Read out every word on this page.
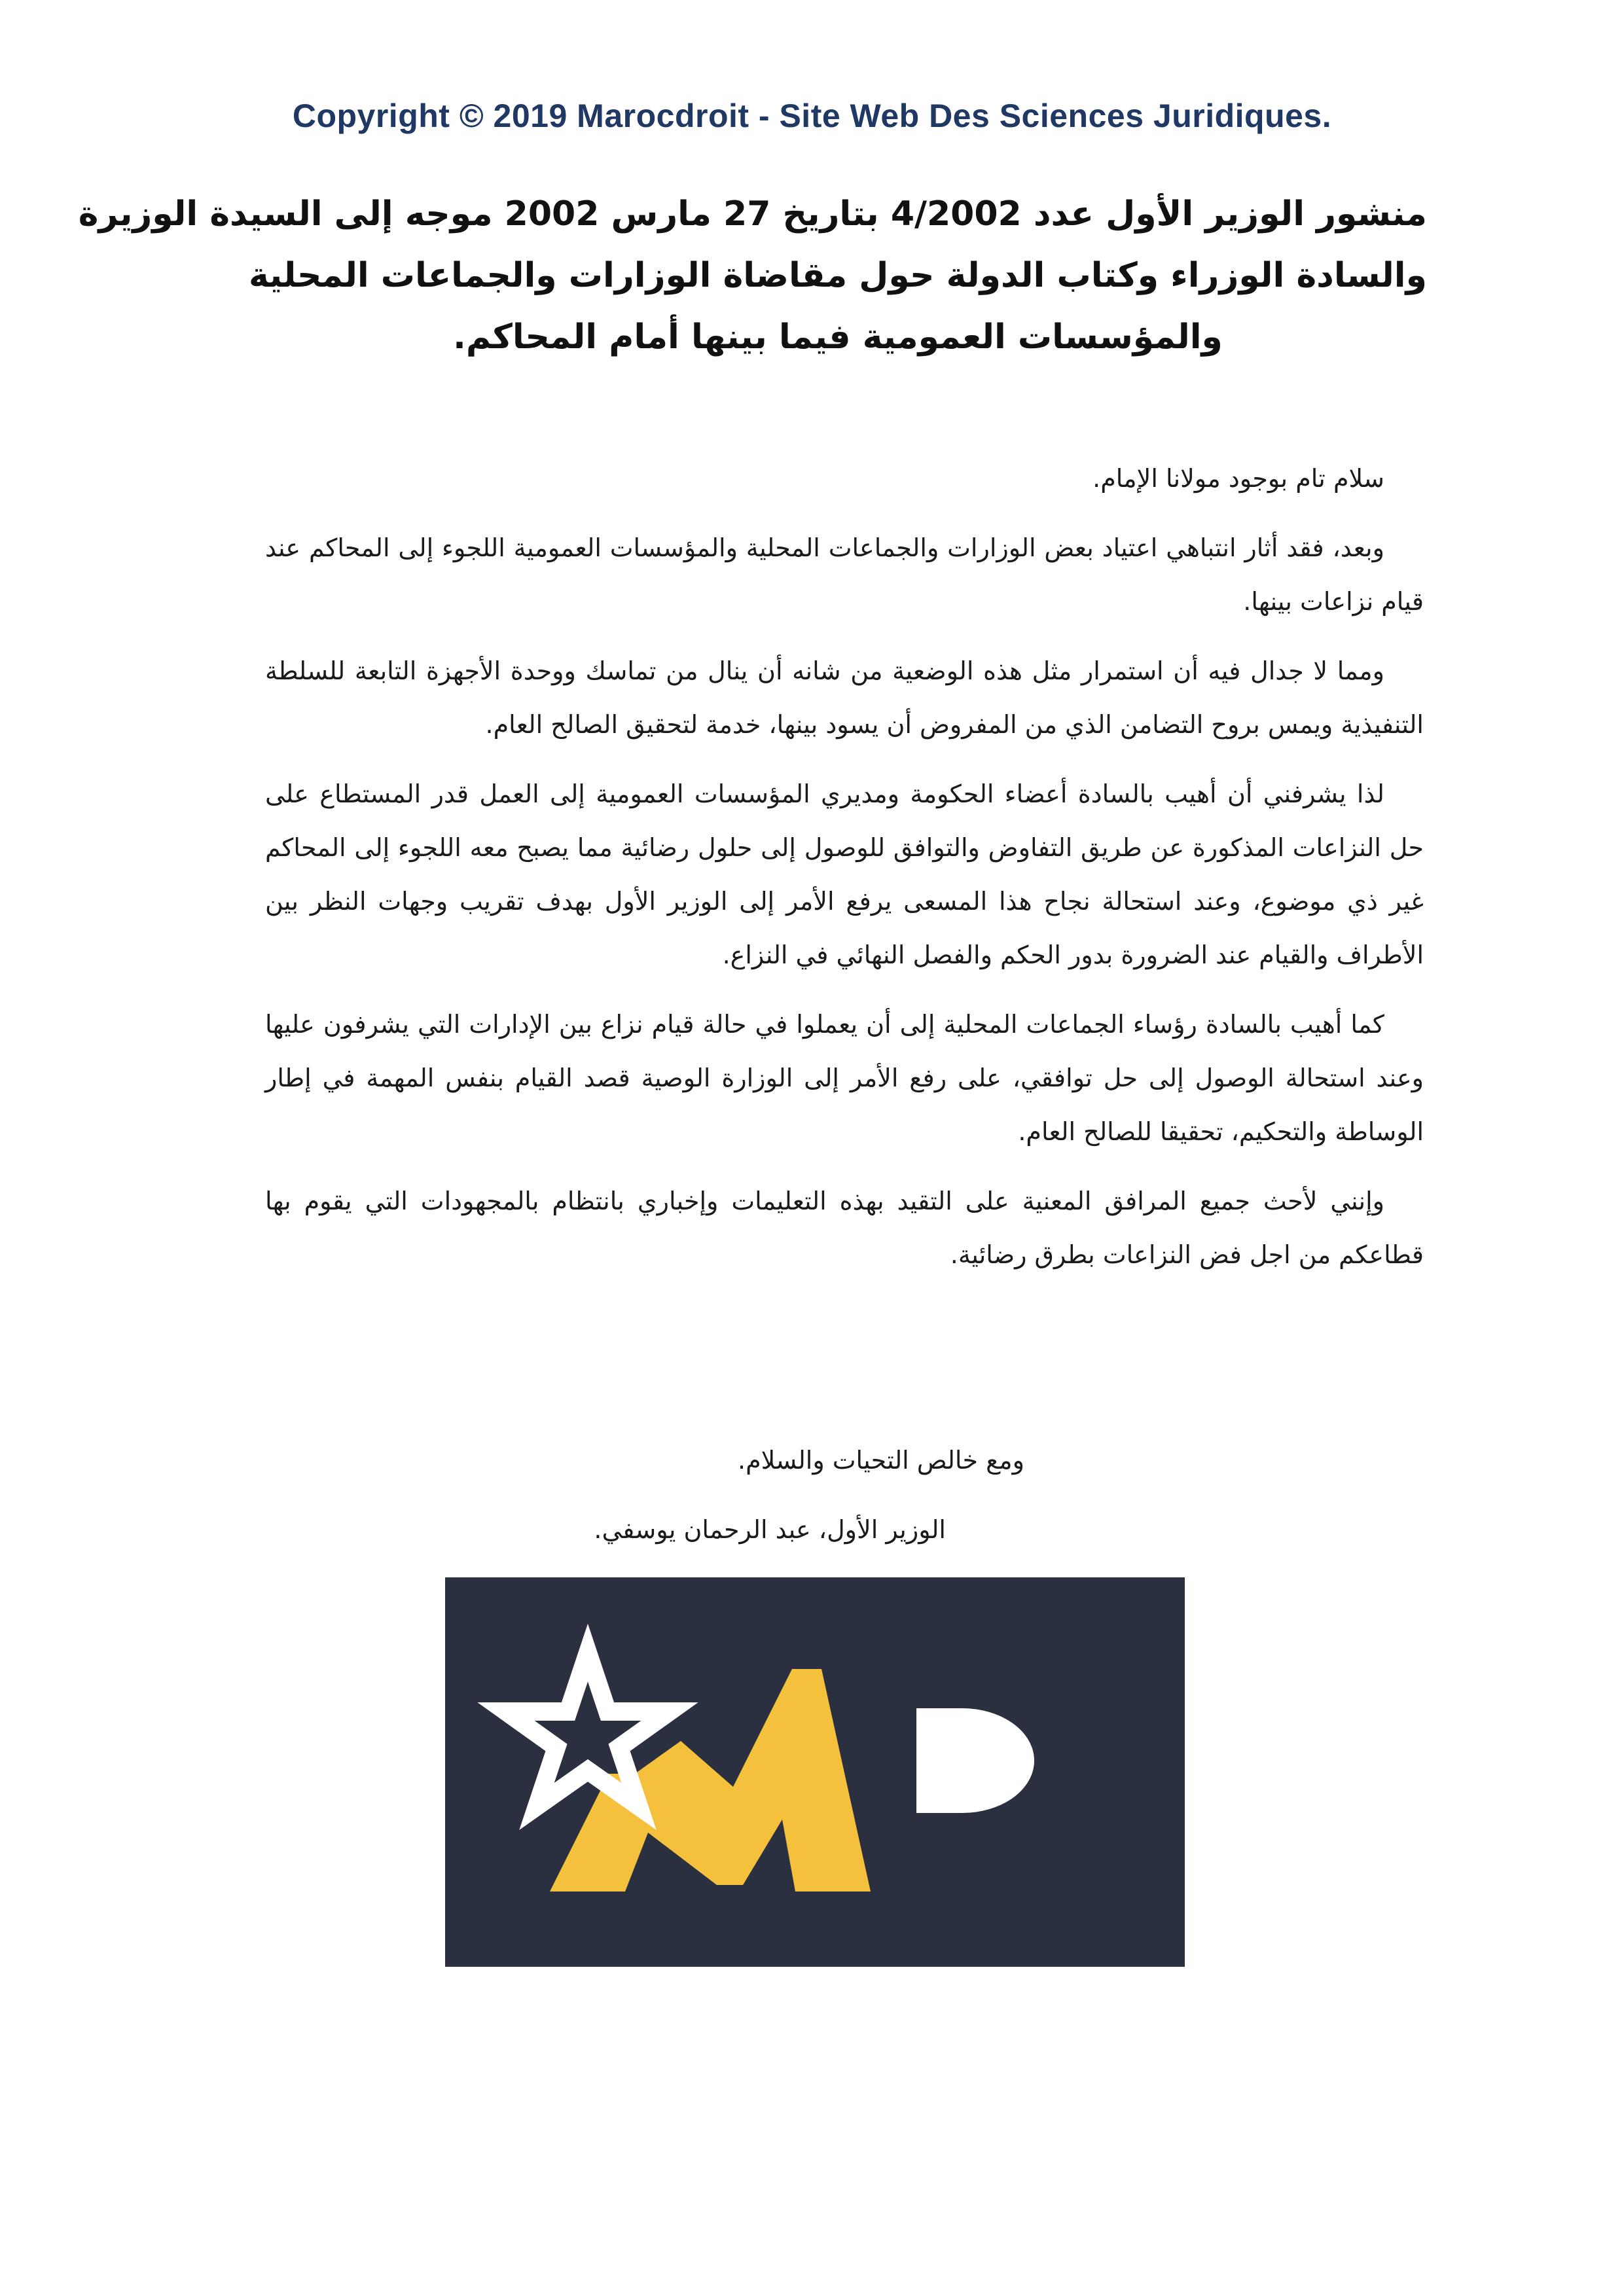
Copyright © 2019 Marocdroit - Site Web Des Sciences Juridiques.
منشور الوزير الأول عدد 4/2002 بتاريخ 27 مارس 2002 موجه إلى السيدة الوزيرة
والسادة الوزراء وكتاب الدولة حول مقاضاة الوزارات والجماعات المحلية
والمؤسسات العمومية فيما بينها أمام المحاكم.

سلام تام بوجود مولانا الإمام.

وبعد، فقد أثار انتباهي اعتياد بعض الوزارات والجماعات المحلية والمؤسسات العمومية اللجوء إلى المحاكم عند قيام نزاعات بينها.

ومما لا جدال فيه أن استمرار مثل هذه الوضعية من شانه أن ينال من تماسك ووحدة الأجهزة التابعة للسلطة التنفيذية ويمس بروح التضامن الذي من المفروض أن يسود بينها، خدمة لتحقيق الصالح العام.

لذا يشرفني أن أهيب بالسادة أعضاء الحكومة ومديري المؤسسات العمومية إلى العمل قدر المستطاع على حل النزاعات المذكورة عن طريق التفاوض والتوافق للوصول إلى حلول رضائية مما يصبح معه اللجوء إلى المحاكم غير ذي موضوع، وعند استحالة نجاح هذا المسعى يرفع الأمر إلى الوزير الأول بهدف تقريب وجهات النظر بين الأطراف والقيام عند الضرورة بدور الحكم والفصل النهائي في النزاع.

كما أهيب بالسادة رؤساء الجماعات المحلية إلى أن يعملوا في حالة قيام نزاع بين الإدارات التي يشرفون عليها وعند استحالة الوصول إلى حل توافقي، على رفع الأمر إلى الوزارة الوصية قصد القيام بنفس المهمة في إطار الوساطة والتحكيم، تحقيقا للصالح العام.

وإنني لأحث جميع المرافق المعنية على التقيد بهذه التعليمات وإخباري بانتظام بالمجهودات التي يقوم بها قطاعكم من اجل فض النزاعات بطرق رضائية.

ومع خالص التحيات والسلام.
الوزير الأول، عبد الرحمان يوسفي.
